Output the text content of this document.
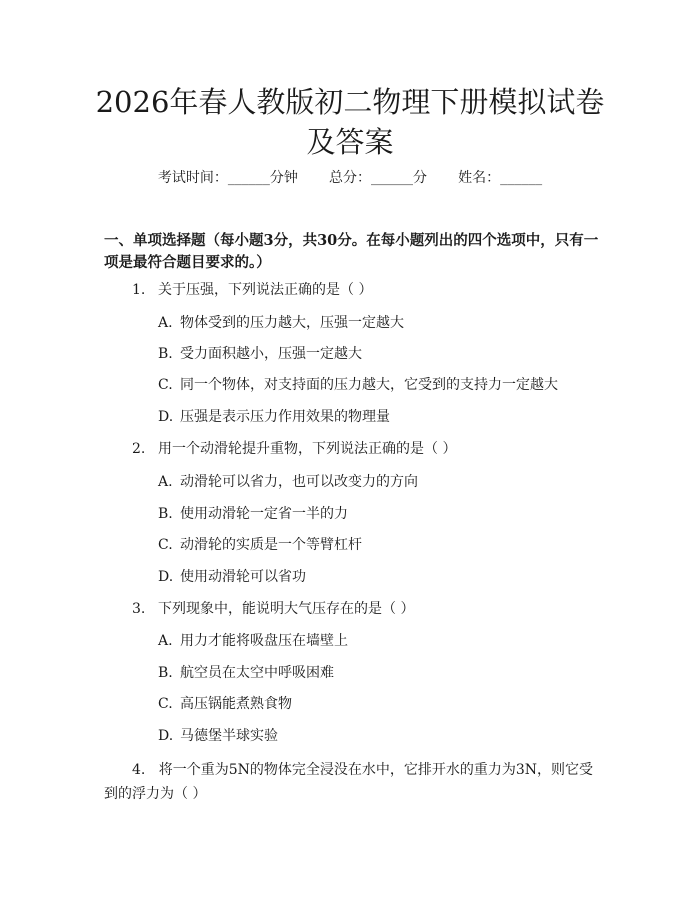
2026年春人教版初二物理下册模拟试卷及答案
考试时间：______分钟 总分：______分 姓名：______

一、单项选择题（每小题3分，共30分。在每小题列出的四个选项中，只有一项是最符合题目要求的。）

1. 关于压强，下列说法正确的是（ ）

A. 物体受到的压力越大，压强一定越大

B. 受力面积越小，压强一定越大

C. 同一个物体，对支持面的压力越大，它受到的支持力一定越大

D. 压强是表示压力作用效果的物理量

2. 用一个动滑轮提升重物，下列说法正确的是（ ）

A. 动滑轮可以省力，也可以改变力的方向

B. 使用动滑轮一定省一半的力

C. 动滑轮的实质是一个等臂杠杆

D. 使用动滑轮可以省功

3. 下列现象中，能说明大气压存在的是（ ）

A. 用力才能将吸盘压在墙壁上

B. 航空员在太空中呼吸困难

C. 高压锅能煮熟食物

D. 马德堡半球实验

4. 将一个重为5N的物体完全浸没在水中，它排开水的重力为3N，则它受到的浮力为（ ）
